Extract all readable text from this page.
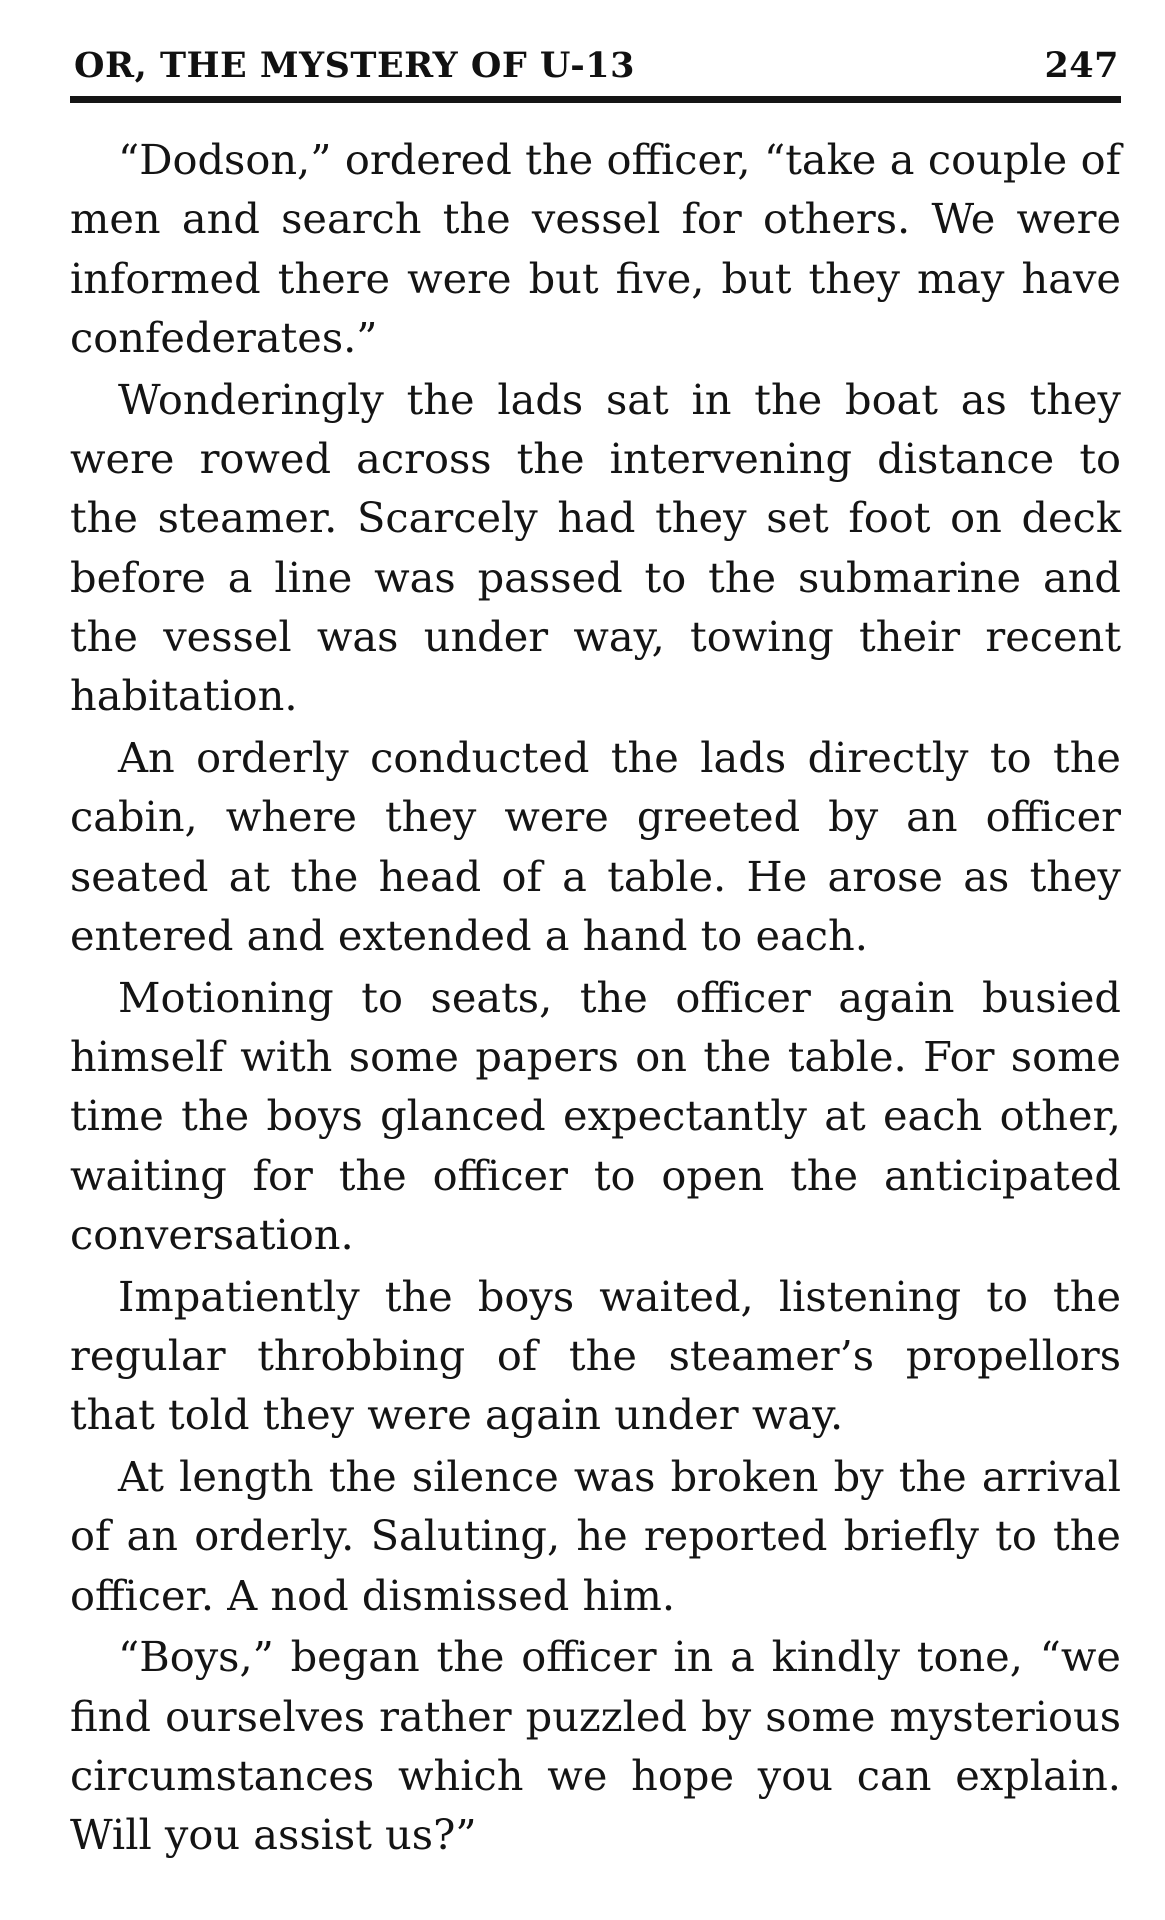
OR, THE MYSTERY OF U-13	247

“Dodson,” ordered the officer, “take a couple of men and search the vessel for others. We were informed there were but five, but they may have confederates.”

Wonderingly the lads sat in the boat as they were rowed across the intervening distance to the steamer. Scarcely had they set foot on deck before a line was passed to the submarine and the vessel was under way, towing their recent habitation.

An orderly conducted the lads directly to the cabin, where they were greeted by an officer seated at the head of a table. He arose as they entered and extended a hand to each.

Motioning to seats, the officer again busied himself with some papers on the table. For some time the boys glanced expectantly at each other, waiting for the officer to open the anticipated conversation.

Impatiently the boys waited, listening to the regular throbbing of the steamer’s propellors that told they were again under way.

At length the silence was broken by the arrival of an orderly. Saluting, he reported briefly to the officer. A nod dismissed him.

“Boys,” began the officer in a kindly tone, “we find ourselves rather puzzled by some mysterious circumstances which we hope you can explain. Will you assist us?”
